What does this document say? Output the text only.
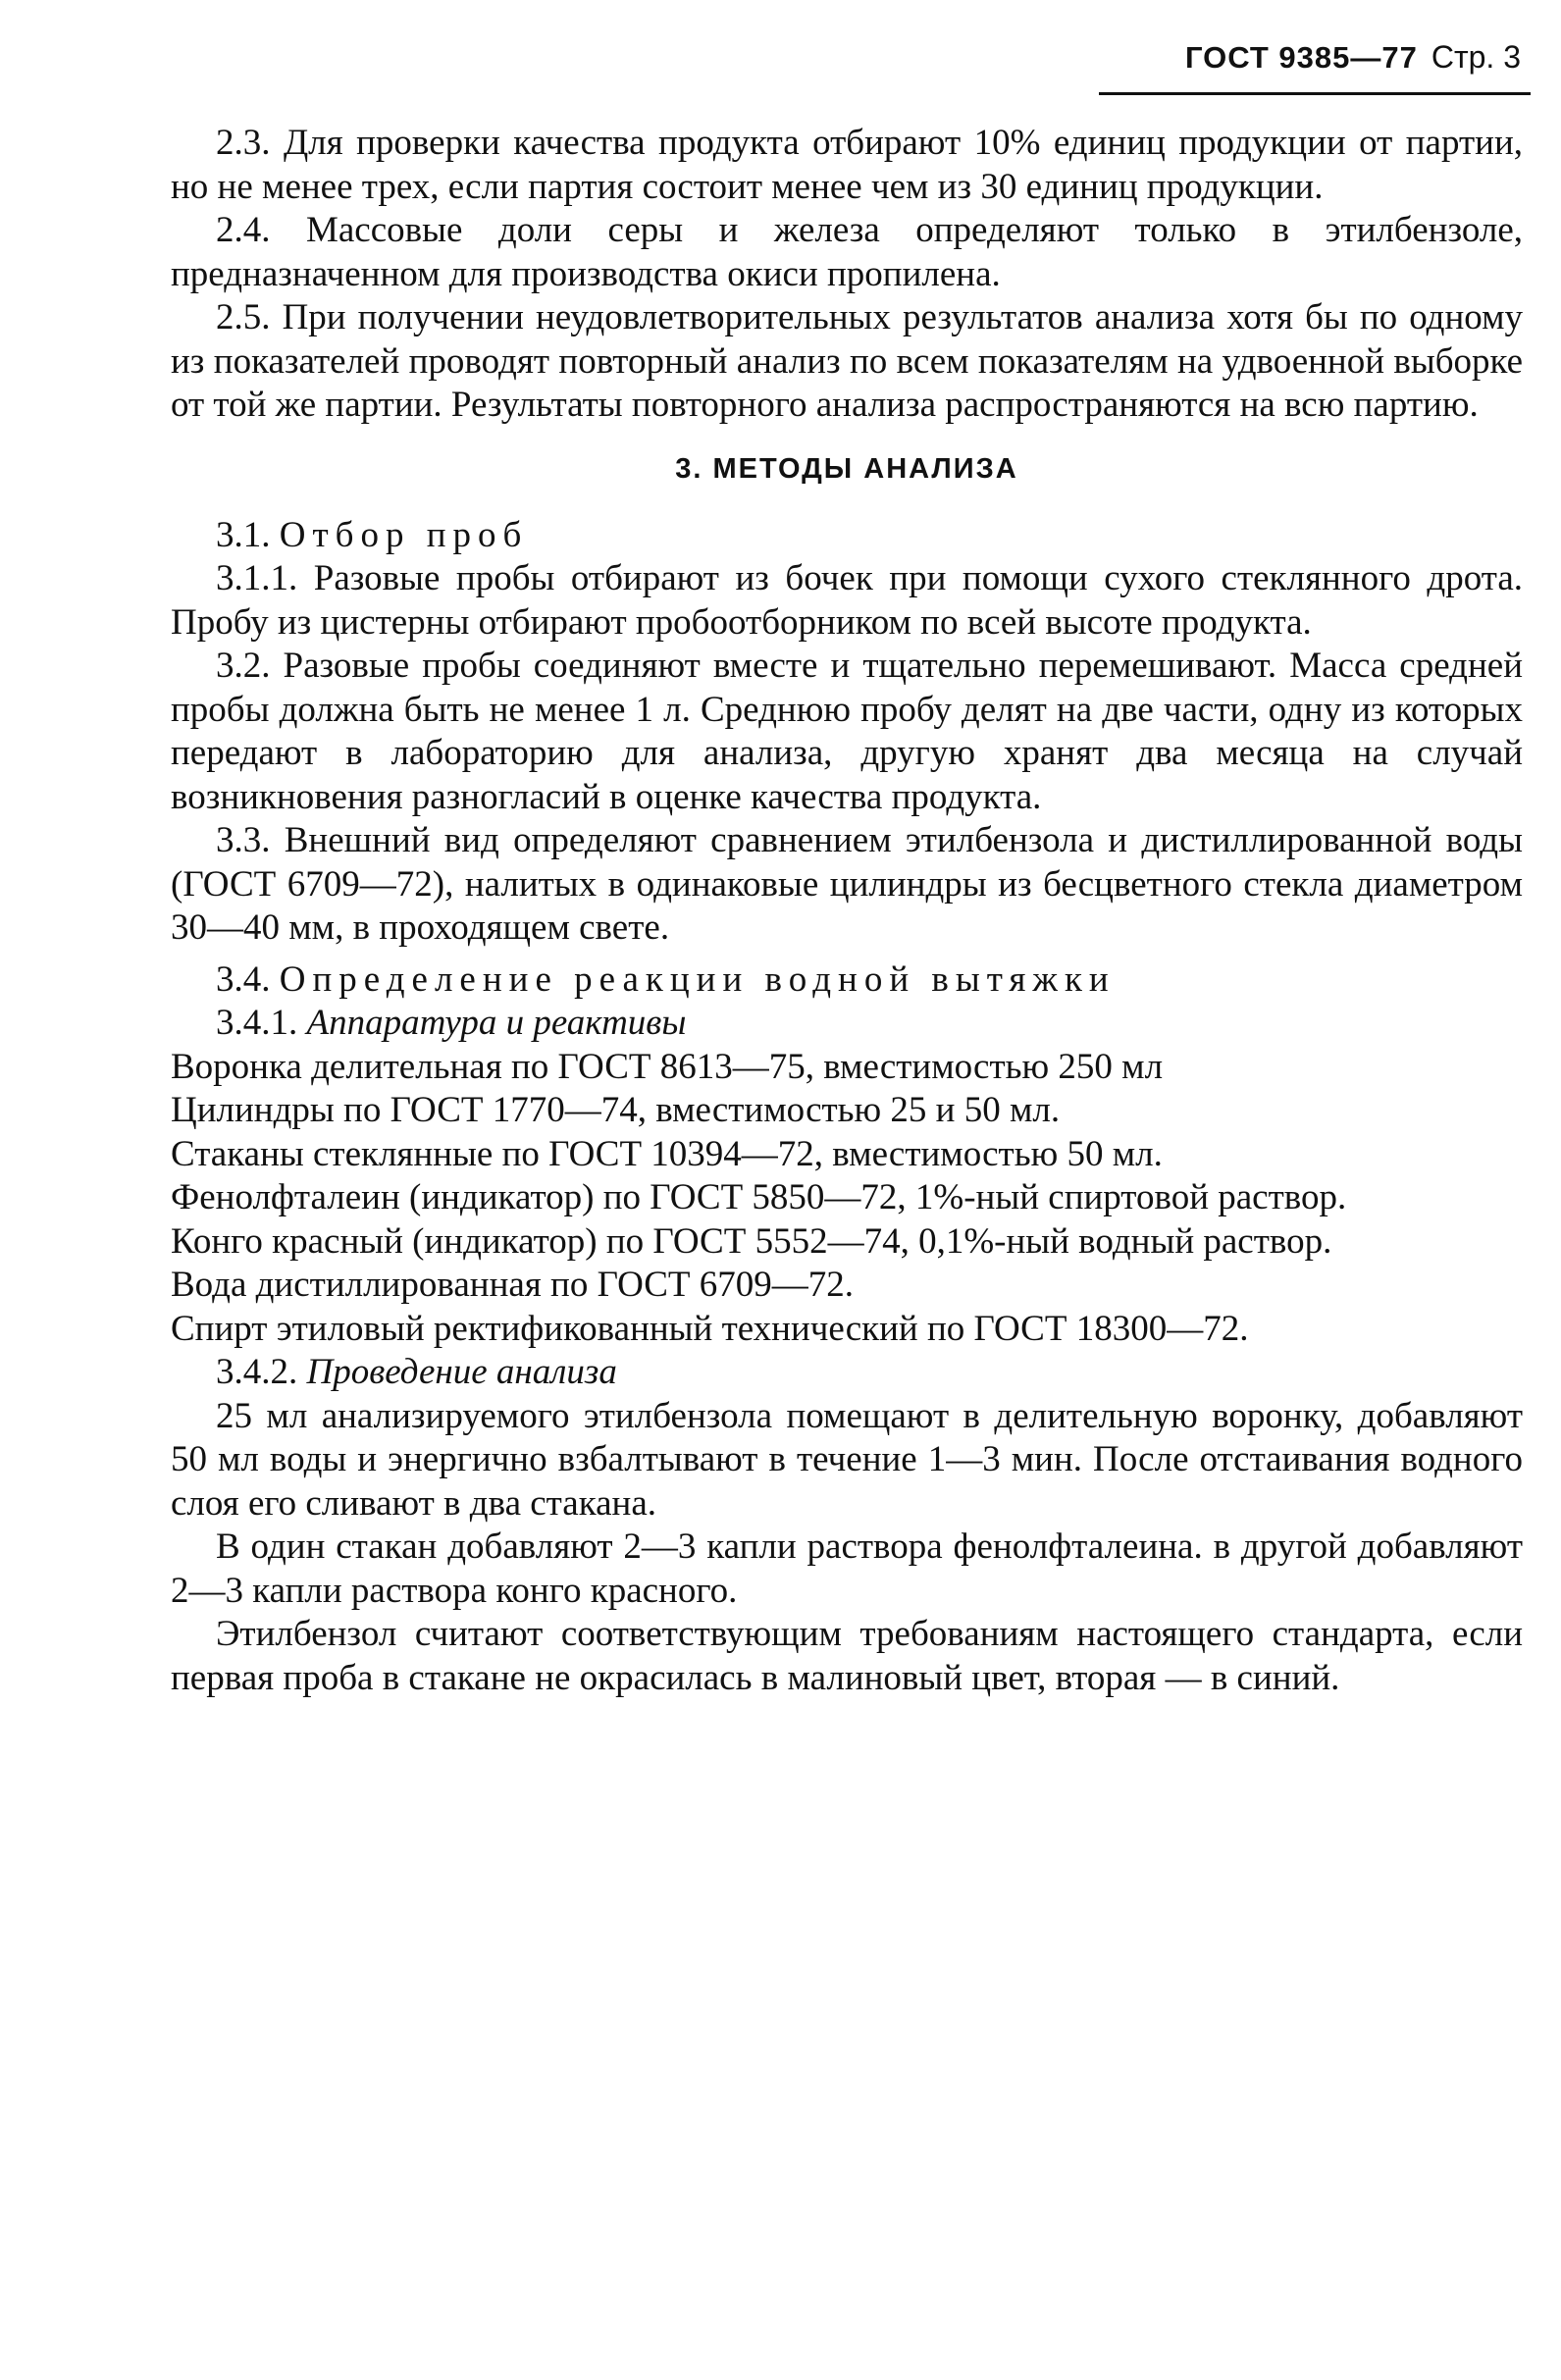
ГОСТ 9385—77 Стр. 3

2.3. Для проверки качества продукта отбирают 10% единиц продукции от партии, но не менее трех, если партия состоит менее чем из 30 единиц продукции.

2.4. Массовые доли серы и железа определяют только в этилбензоле, предназначенном для производства окиси пропилена.

2.5. При получении неудовлетворительных результатов анализа хотя бы по одному из показателей проводят повторный анализ по всем показателям на удвоенной выборке от той же партии. Результаты повторного анализа распространяются на всю партию.

3. МЕТОДЫ АНАЛИЗА

3.1. Отбор проб

3.1.1. Разовые пробы отбирают из бочек при помощи сухого стеклянного дрота. Пробу из цистерны отбирают пробоотборником по всей высоте продукта.

3.2. Разовые пробы соединяют вместе и тщательно перемешивают. Масса средней пробы должна быть не менее 1 л. Среднюю пробу делят на две части, одну из которых передают в лабораторию для анализа, другую хранят два месяца на случай возникновения разногласий в оценке качества продукта.

3.3. Внешний вид определяют сравнением этилбензола и дистиллированной воды (ГОСТ 6709—72), налитых в одинаковые цилиндры из бесцветного стекла диаметром 30—40 мм, в проходящем свете.

3.4. Определение реакции водной вытяжки

3.4.1. Аппаратура и реактивы

Воронка делительная по ГОСТ 8613—75, вместимостью 250 мл

Цилиндры по ГОСТ 1770—74, вместимостью 25 и 50 мл.

Стаканы стеклянные по ГОСТ 10394—72, вместимостью 50 мл.

Фенолфталеин (индикатор) по ГОСТ 5850—72, 1%-ный спиртовой раствор.

Конго красный (индикатор) по ГОСТ 5552—74, 0,1%-ный водный раствор.

Вода дистиллированная по ГОСТ 6709—72.

Спирт этиловый ректификованный технический по ГОСТ 18300—72.

3.4.2. Проведение анализа

25 мл анализируемого этилбензола помещают в делительную воронку, добавляют 50 мл воды и энергично взбалтывают в течение 1—3 мин. После отстаивания водного слоя его сливают в два стакана.

В один стакан добавляют 2—3 капли раствора фенолфталеина. в другой добавляют 2—3 капли раствора конго красного.

Этилбензол считают соответствующим требованиям настоящего стандарта, если первая проба в стакане не окрасилась в малиновый цвет, вторая — в синий.
